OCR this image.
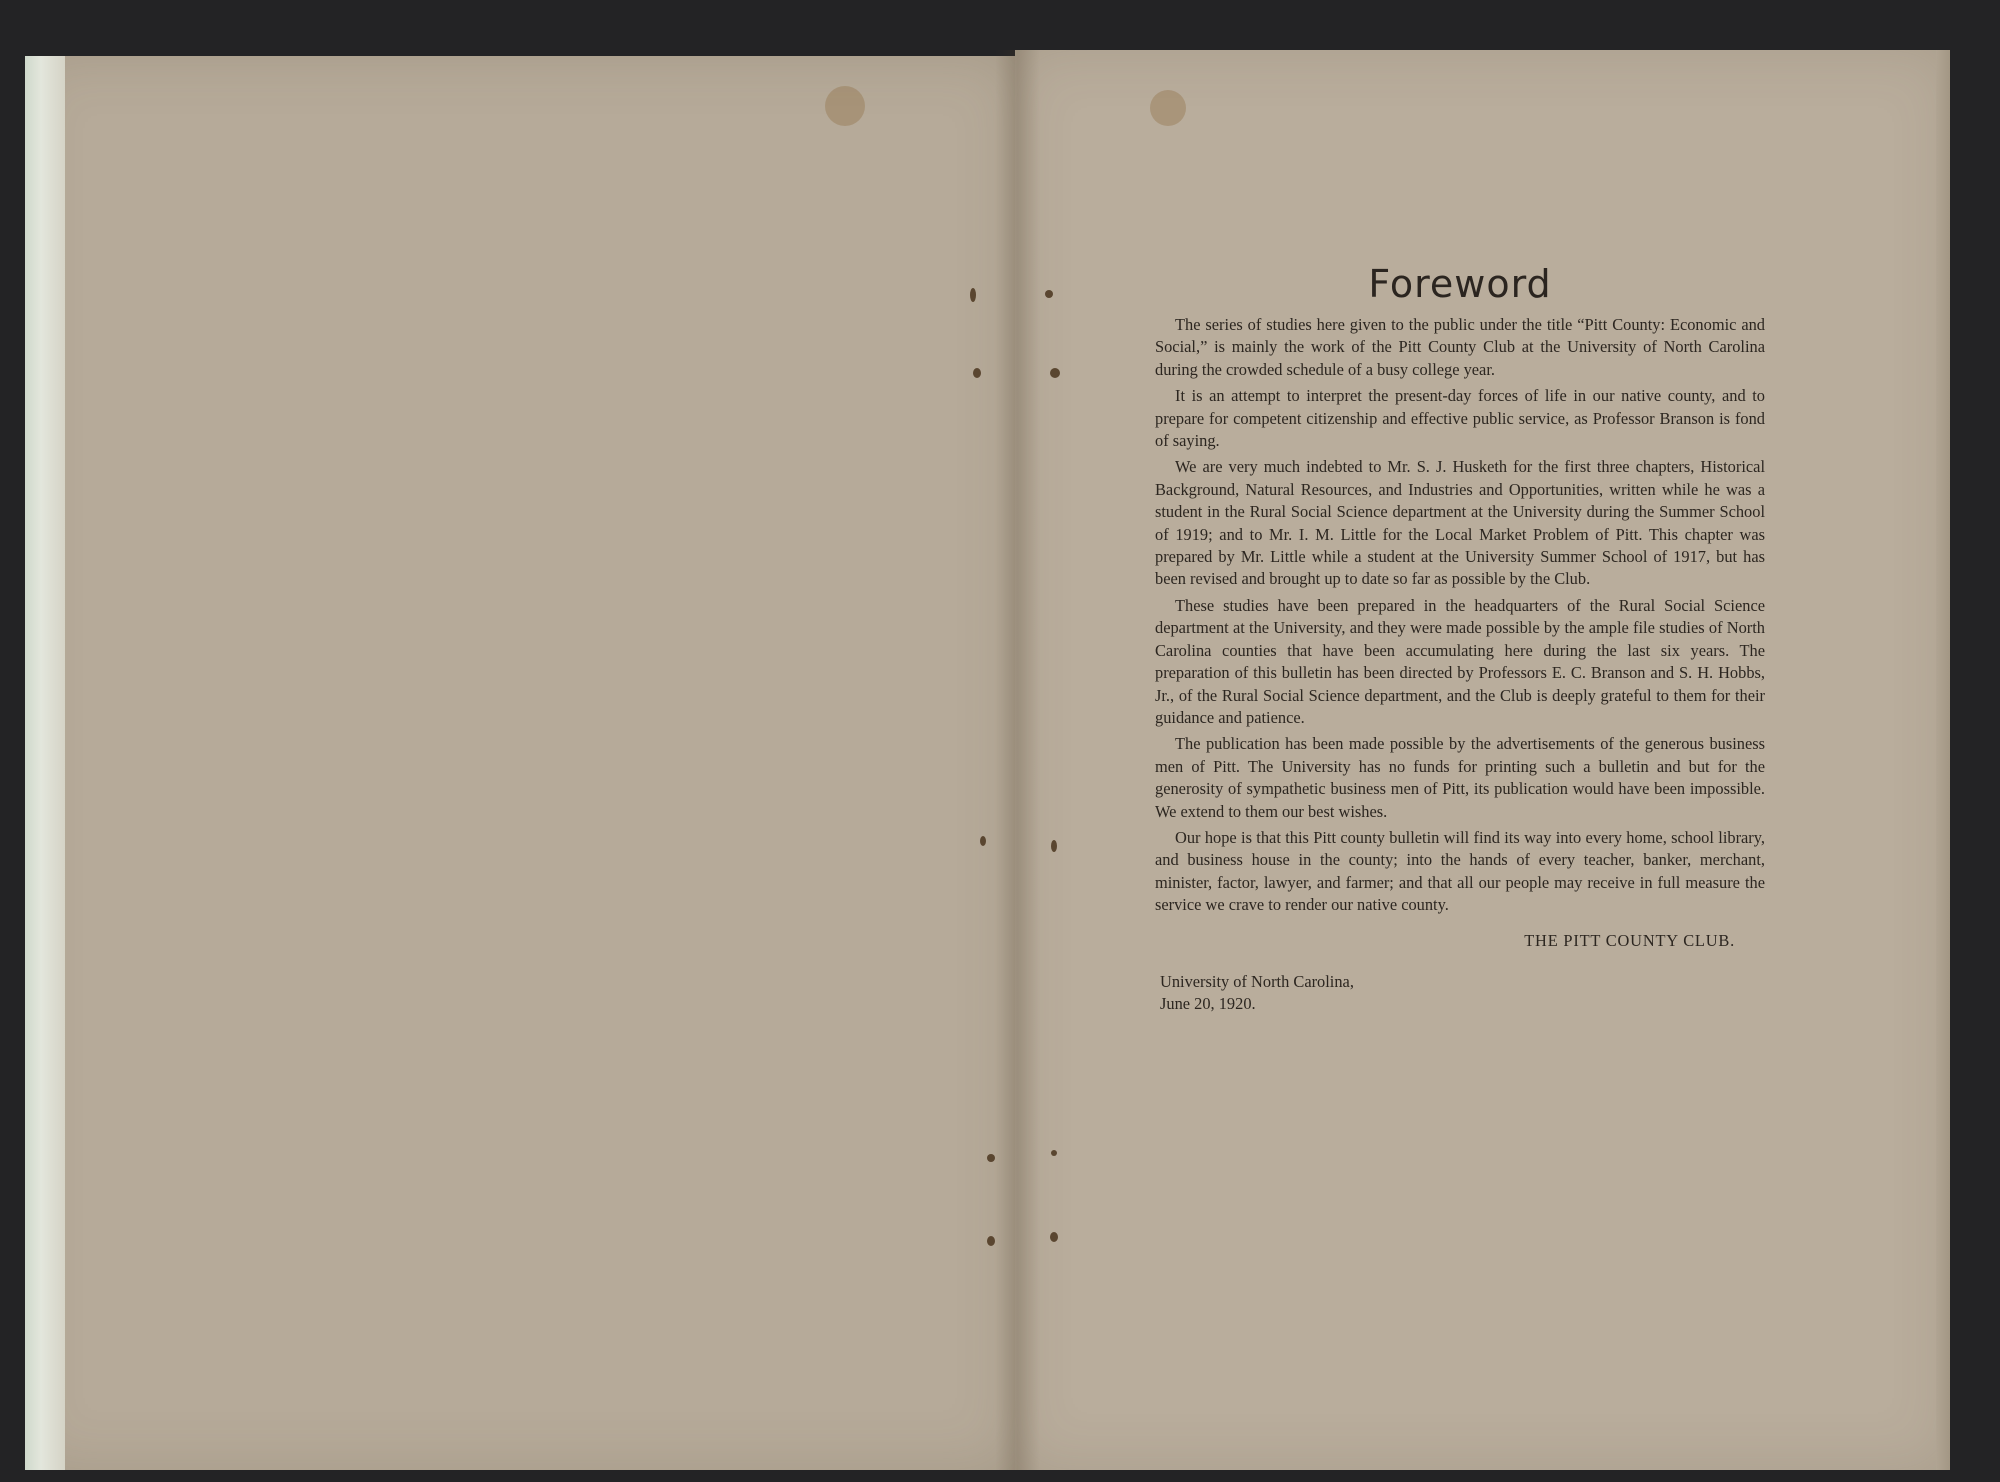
Foreword

The series of studies here given to the public under the title “Pitt County: Economic and Social,” is mainly the work of the Pitt County Club at the University of North Carolina during the crowded schedule of a busy college year.

It is an attempt to interpret the present-day forces of life in our native county, and to prepare for competent citizenship and effective public service, as Professor Branson is fond of saying.

We are very much indebted to Mr. S. J. Husketh for the first three chapters, Historical Background, Natural Resources, and Industries and Opportunities, written while he was a student in the Rural Social Science department at the University during the Summer School of 1919; and to Mr. I. M. Little for the Local Market Problem of Pitt. This chapter was prepared by Mr. Little while a student at the University Summer School of 1917, but has been revised and brought up to date so far as possible by the Club.

These studies have been prepared in the headquarters of the Rural Social Science department at the University, and they were made possible by the ample file studies of North Carolina counties that have been accumulating here during the last six years. The preparation of this bulletin has been directed by Professors E. C. Branson and S. H. Hobbs, Jr., of the Rural Social Science department, and the Club is deeply grateful to them for their guidance and patience.

The publication has been made possible by the advertisements of the generous business men of Pitt. The University has no funds for printing such a bulletin and but for the generosity of sympathetic business men of Pitt, its publication would have been impossible. We extend to them our best wishes.

Our hope is that this Pitt county bulletin will find its way into every home, school library, and business house in the county; into the hands of every teacher, banker, merchant, minister, factor, lawyer, and farmer; and that all our people may receive in full measure the service we crave to render our native county.

THE PITT COUNTY CLUB.
University of North Carolina,
June 20, 1920.
